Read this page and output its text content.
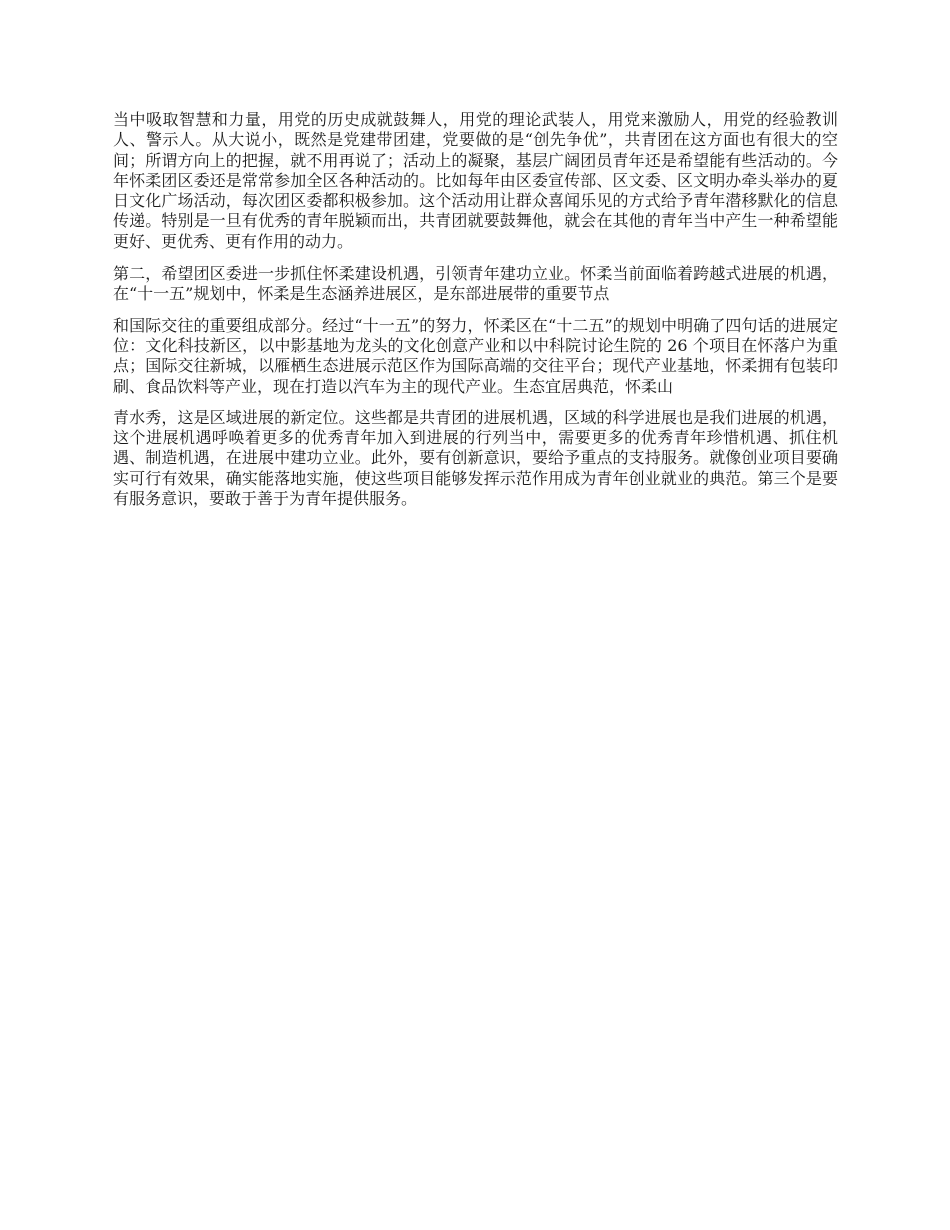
当中吸取智慧和力量，用党的历史成就鼓舞人，用党的理论武装人，用党来激励人，用党的经验教训人、警示人。从大说小，既然是党建带团建，党要做的是“创先争优”，共青团在这方面也有很大的空间；所谓方向上的把握，就不用再说了；活动上的凝聚，基层广阔团员青年还是希望能有些活动的。今年怀柔团区委还是常常参加全区各种活动的。比如每年由区委宣传部、区文委、区文明办牵头举办的夏日文化广场活动，每次团区委都积极参加。这个活动用让群众喜闻乐见的方式给予青年潜移默化的信息传递。特别是一旦有优秀的青年脱颖而出，共青团就要鼓舞他，就会在其他的青年当中产生一种希望能更好、更优秀、更有作用的动力。

第二，希望团区委进一步抓住怀柔建设机遇，引领青年建功立业。怀柔当前面临着跨越式进展的机遇，在“十一五”规划中，怀柔是生态涵养进展区，是东部进展带的重要节点

和国际交往的重要组成部分。经过“十一五”的努力，怀柔区在“十二五”的规划中明确了四句话的进展定位：文化科技新区，以中影基地为龙头的文化创意产业和以中科院讨论生院的 26 个项目在怀落户为重点；国际交往新城，以雁栖生态进展示范区作为国际高端的交往平台；现代产业基地，怀柔拥有包装印刷、食品饮料等产业，现在打造以汽车为主的现代产业。生态宜居典范，怀柔山

青水秀，这是区域进展的新定位。这些都是共青团的进展机遇，区域的科学进展也是我们进展的机遇，这个进展机遇呼唤着更多的优秀青年加入到进展的行列当中，需要更多的优秀青年珍惜机遇、抓住机遇、制造机遇，在进展中建功立业。此外，要有创新意识，要给予重点的支持服务。就像创业项目要确实可行有效果，确实能落地实施，使这些项目能够发挥示范作用成为青年创业就业的典范。第三个是要有服务意识，要敢于善于为青年提供服务。
